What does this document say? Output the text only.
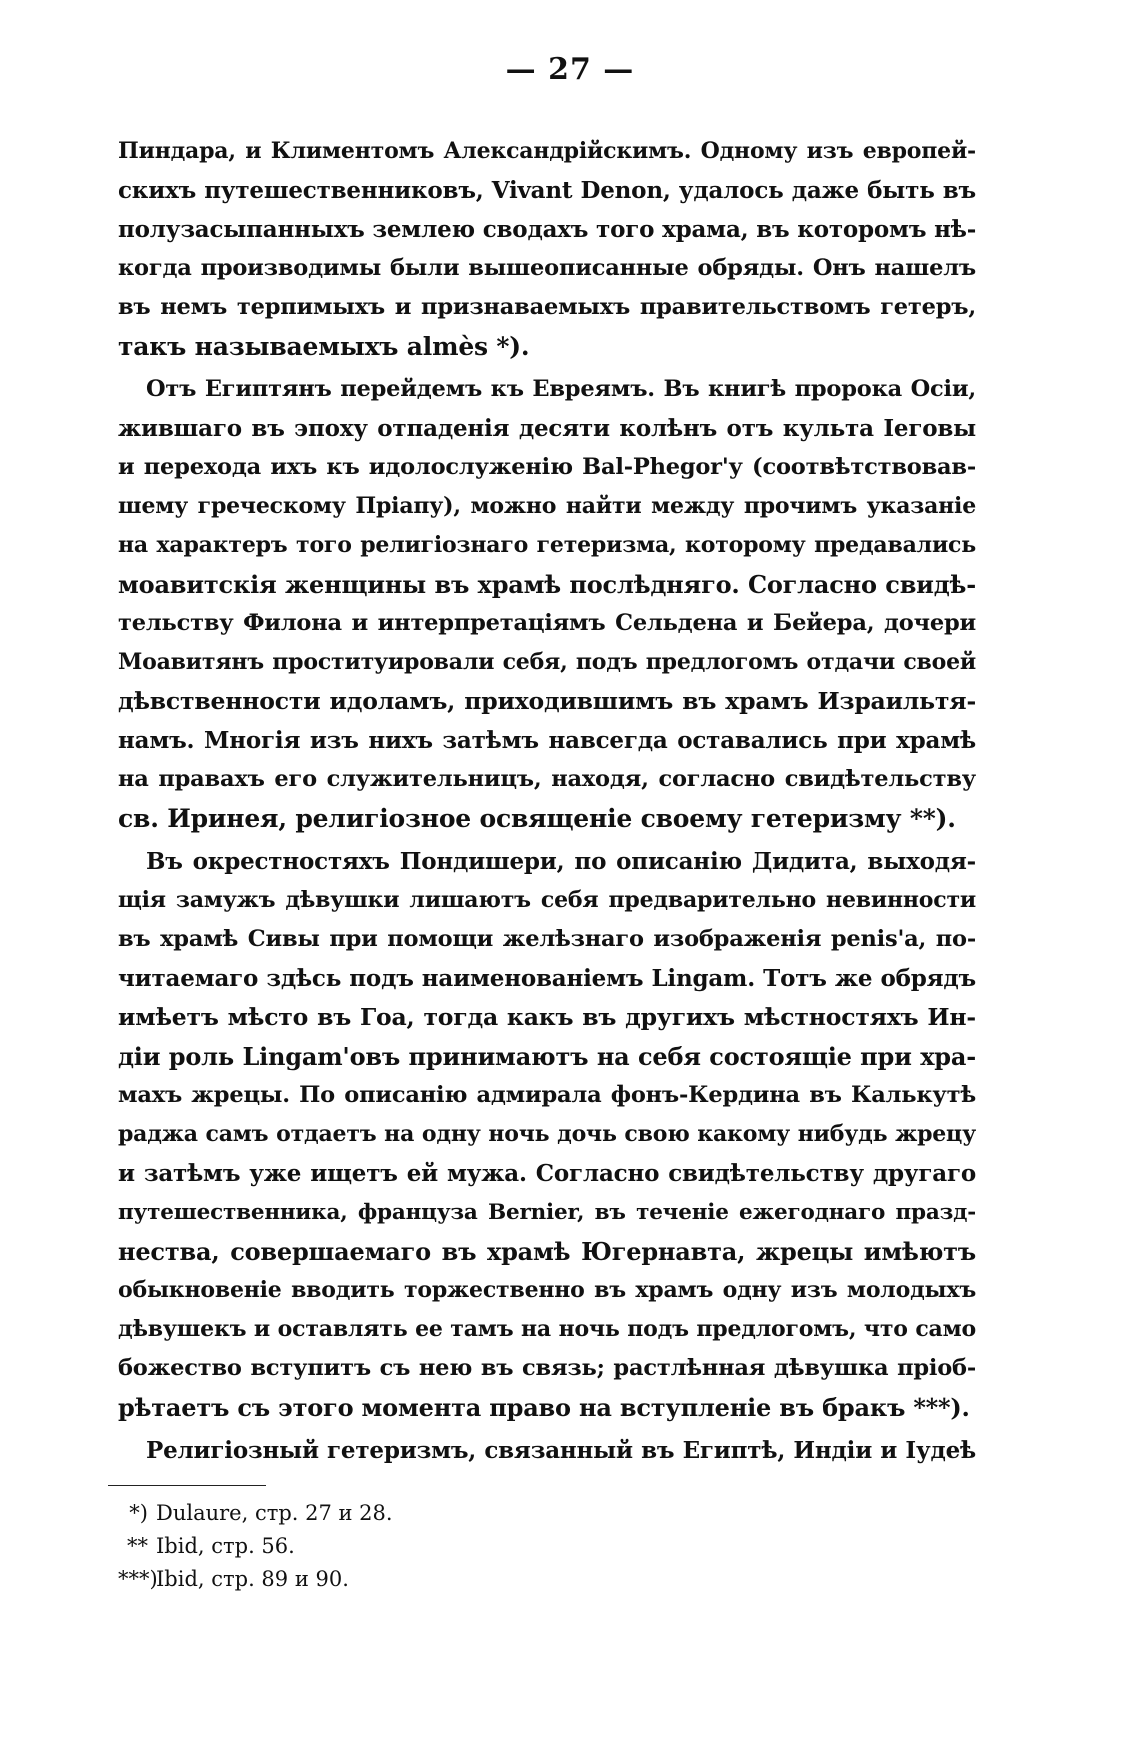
— 27 —
Пиндара, и Климентомъ Александрійскимъ. Одному изъ европей-
скихъ путешественниковъ, Vivant Denon, удалось даже быть въ
полузасыпанныхъ землею сводахъ того храма, въ которомъ нѣ-
когда производимы были вышеописанные обряды. Онъ нашелъ
въ немъ терпимыхъ и признаваемыхъ правительствомъ гетеръ,
такъ называемыхъ almès *).
Отъ Египтянъ перейдемъ къ Евреямъ. Въ книгѣ пророка Осіи,
жившаго въ эпоху отпаденія десяти колѣнъ отъ культа Іеговы
и перехода ихъ къ идолослуженію Bal-Phegor'у (соотвѣтствовав-
шему греческому Пріапу), можно найти между прочимъ указаніе
на характеръ того религіознаго гетеризма, которому предавались
моавитскія женщины въ храмѣ послѣдняго. Согласно свидѣ-
тельству Филона и интерпретаціямъ Сельдена и Бейера, дочери
Моавитянъ проституировали себя, подъ предлогомъ отдачи своей
дѣвственности идоламъ, приходившимъ въ храмъ Израильтя-
намъ. Многія изъ нихъ затѣмъ навсегда оставались при храмѣ
на правахъ его служительницъ, находя, согласно свидѣтельству
св. Иринея, религіозное освященіе своему гетеризму **).
Въ окрестностяхъ Пондишери, по описанію Дидита, выходя-
щія замужъ дѣвушки лишаютъ себя предварительно невинности
въ храмѣ Сивы при помощи желѣзнаго изображенія penis'а, по-
читаемаго здѣсь подъ наименованіемъ Lingam. Тотъ же обрядъ
имѣетъ мѣсто въ Гоа, тогда какъ въ другихъ мѣстностяхъ Ин-
діи роль Lingam'овъ принимаютъ на себя состоящіе при хра-
махъ жрецы. По описанію адмирала фонъ-Кердина въ Калькутѣ
раджа самъ отдаетъ на одну ночь дочь свою какому нибудь жрецу
и затѣмъ уже ищетъ ей мужа. Согласно свидѣтельству другаго
путешественника, француза Bernier, въ теченіе ежегоднаго празд-
нества, совершаемаго въ храмѣ Югернавта, жрецы имѣютъ
обыкновеніе вводить торжественно въ храмъ одну изъ молодыхъ
дѣвушекъ и оставлять ее тамъ на ночь подъ предлогомъ, что само
божество вступитъ съ нею въ связь; растлѣнная дѣвушка пріоб-
рѣтаетъ съ этого момента право на вступленіе въ бракъ ***).
Религіозный гетеризмъ, связанный въ Египтѣ, Индіи и Іудеѣ
*) Dulaure, стр. 27 и 28.
** Ibid, стр. 56.
***)Ibid, стр. 89 и 90.
